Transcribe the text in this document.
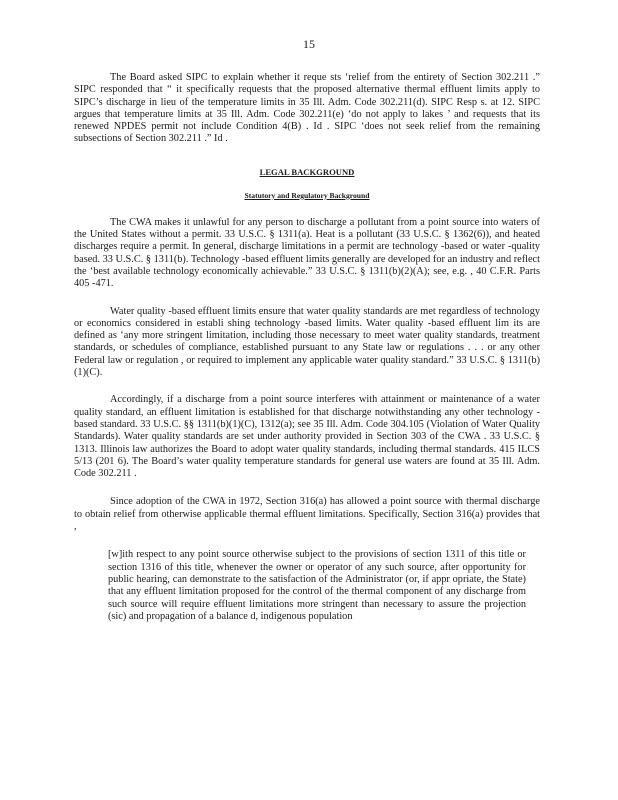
15

The Board asked SIPC to explain whether it reque sts ‘relief from the entirety of Section 302.211 .” SIPC responded that “ it specifically requests that the proposed alternative thermal effluent limits apply to SIPC’s discharge in lieu of the temperature limits in 35 Ill. Adm. Code 302.211(d). SIPC Resp s. at 12. SIPC argues that temperature limits at 35 Ill. Adm. Code 302.211(e) ‘do not apply to lakes ’ and requests that its renewed NPDES permit not include Condition 4(B) . Id . SIPC ‘does not seek relief from the remaining subsections of Section 302.211 .” Id .

LEGAL BACKGROUND
Statutory and Regulatory Background

The CWA makes it unlawful for any person to discharge a pollutant from a point source into waters of the United States without a permit. 33 U.S.C. § 1311(a). Heat is a pollutant (33 U.S.C. § 1362(6)), and heated discharges require a permit. In general, discharge limitations in a permit are technology -based or water -quality based. 33 U.S.C. § 1311(b). Technology -based effluent limits generally are developed for an industry and reflect the ‘best available technology economically achievable.” 33 U.S.C. § 1311(b)(2)(A); see, e.g. , 40 C.F.R. Parts 405 -471.

Water quality -based effluent limits ensure that water quality standards are met regardless of technology or economics considered in establi shing technology -based limits. Water quality -based effluent lim its are defined as ‘any more stringent limitation, including those necessary to meet water quality standards, treatment standards, or schedules of compliance, established pursuant to any State law or regulations . . . or any other Federal law or regulation , or required to implement any applicable water quality standard.” 33 U.S.C. § 1311(b)(1)(C).

Accordingly, if a discharge from a point source interferes with attainment or maintenance of a water quality standard, an effluent limitation is established for that discharge notwithstanding any other technology -based standard. 33 U.S.C. §§ 1311(b)(1)(C), 1312(a); see 35 Ill. Adm. Code 304.105 (Violation of Water Quality Standards). Water quality standards are set under authority provided in Section 303 of the CWA . 33 U.S.C. § 1313. Illinois law authorizes the Board to adopt water quality standards, including thermal standards. 415 ILCS 5/13 (201 6). The Board’s water quality temperature standards for general use waters are found at 35 Ill. Adm. Code 302.211 .

Since adoption of the CWA in 1972, Section 316(a) has allowed a point source with thermal discharge to obtain relief from otherwise applicable thermal effluent limitations. Specifically, Section 316(a) provides that ,

[w]ith respect to any point source otherwise subject to the provisions of section 1311 of this title or section 1316 of this title, whenever the owner or operator of any such source, after opportunity for public hearing, can demonstrate to the satisfaction of the Administrator (or, if appr opriate, the State) that any effluent limitation proposed for the control of the thermal component of any discharge from such source will require effluent limitations more stringent than necessary to assure the projection (sic) and propagation of a balance d, indigenous population
